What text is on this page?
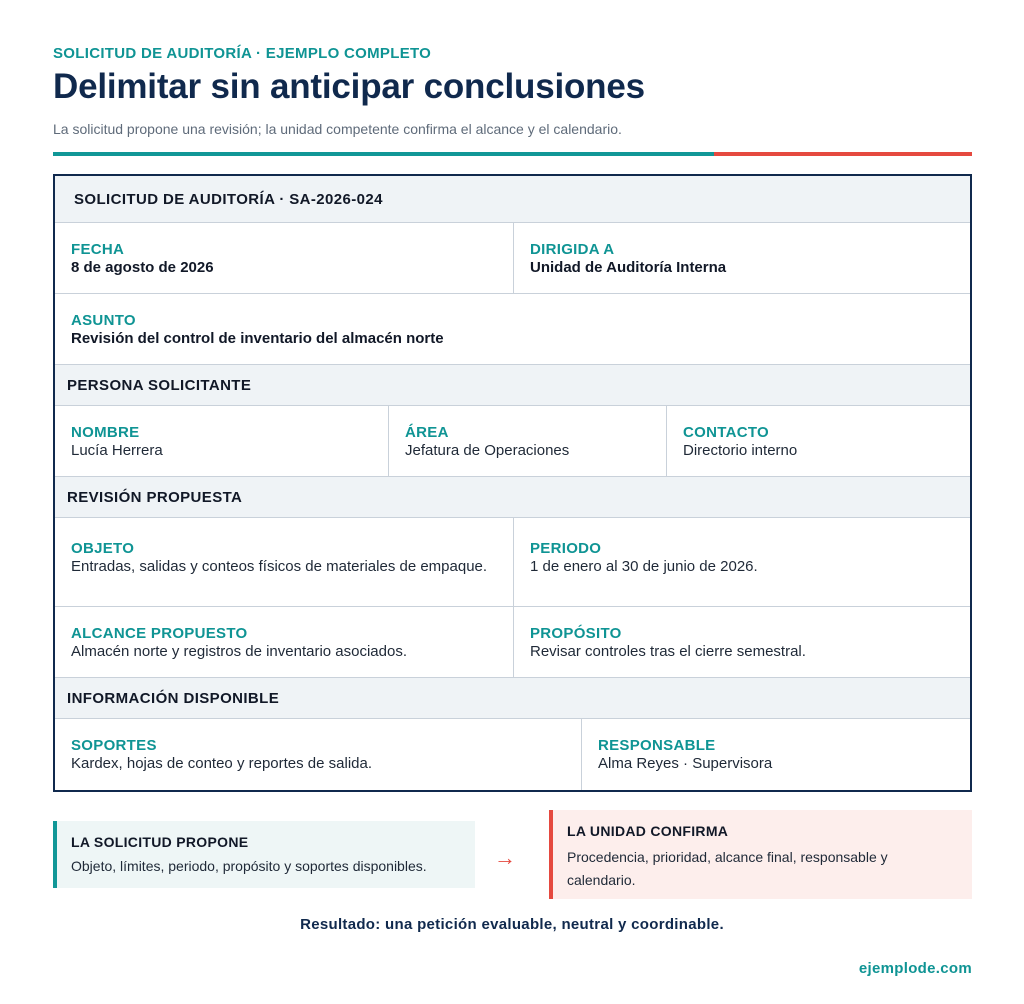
SOLICITUD DE AUDITORÍA · EJEMPLO COMPLETO
Delimitar sin anticipar conclusiones

La solicitud propone una revisión; la unidad competente confirma el alcance y el calendario.

SOLICITUD DE AUDITORÍA · SA-2026-024
FECHA
8 de agosto de 2026
DIRIGIDA A
Unidad de Auditoría Interna
ASUNTO
Revisión del control de inventario del almacén norte
PERSONA SOLICITANTE
NOMBRE
Lucía Herrera
ÁREA
Jefatura de Operaciones
CONTACTO
Directorio interno
REVISIÓN PROPUESTA
OBJETO
Entradas, salidas y conteos físicos de materiales de empaque.
PERIODO
1 de enero al 30 de junio de 2026.
ALCANCE PROPUESTO
Almacén norte y registros de inventario asociados.
PROPÓSITO
Revisar controles tras el cierre semestral.
INFORMACIÓN DISPONIBLE
SOPORTES
Kardex, hojas de conteo y reportes de salida.
RESPONSABLE
Alma Reyes · Supervisora
LA SOLICITUD PROPONE
Objeto, límites, periodo, propósito y soportes disponibles.	→
LA UNIDAD CONFIRMA
Procedencia, prioridad, alcance final, responsable y calendario.
Resultado: una petición evaluable, neutral y coordinable.
ejemplode.com
